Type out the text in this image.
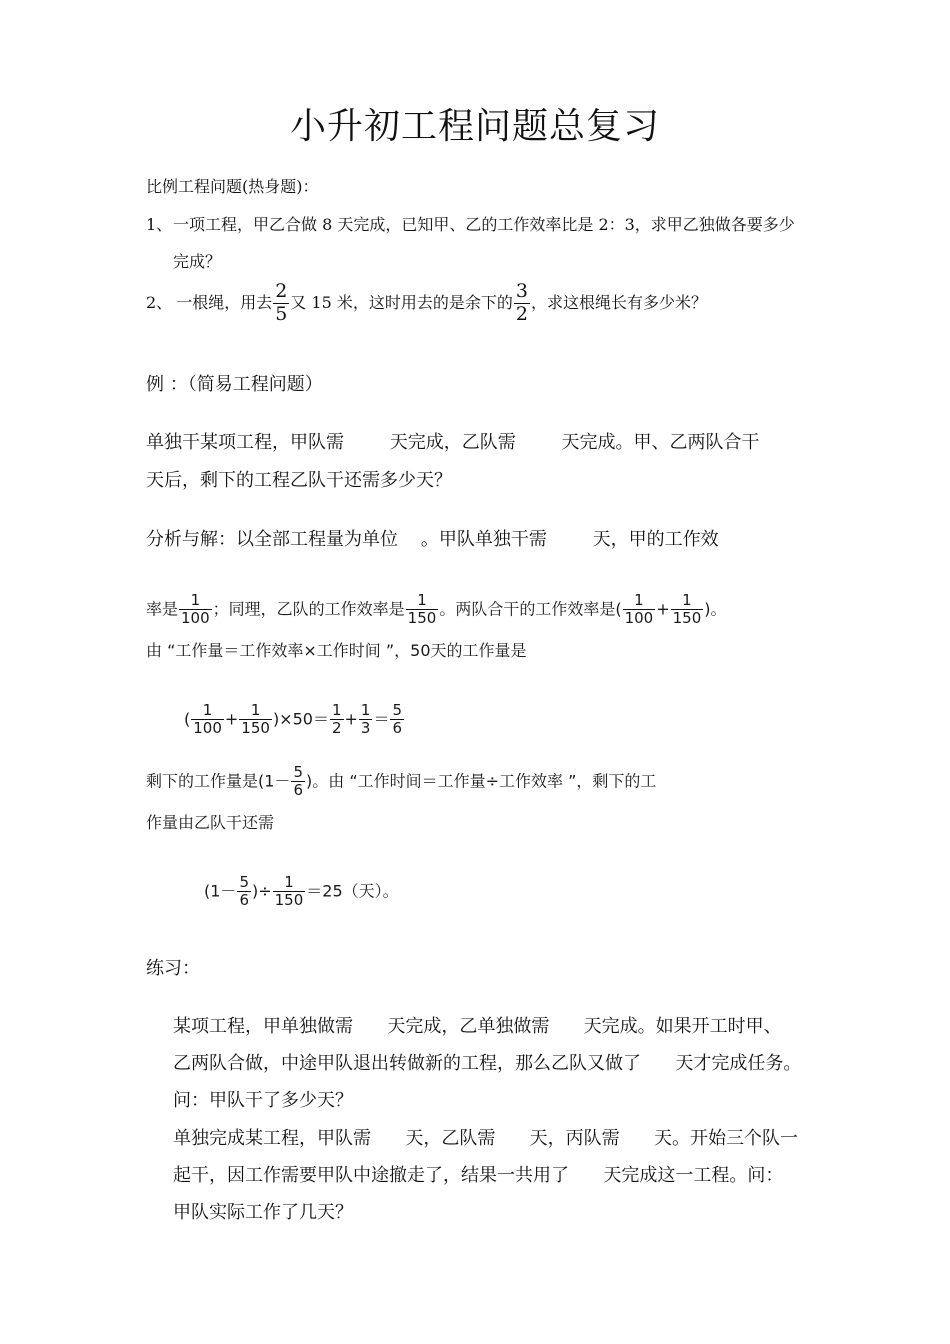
小升初工程问题总复习
比例工程问题(热身题)：
1、 一项工程，甲乙合做 8 天完成，已知甲、乙的工作效率比是 2：3，求甲乙独做各要多少
完成？
2、 一根绳，用去 $\frac{2}{5}$ 又 15 米，这时用去的是余下的 $\frac{3}{2}$ ，求这根绳长有多少米？
例 ：（简易工程问题）
单独干某项工程，甲队需        天完成，乙队需        天完成。甲、乙两队合干
天后，剩下的工程乙队干还需多少天？
分析与解：以全部工程量为单位    。甲队单独干需        天，甲的工作效
率是 $\frac{1}{100}$ ；同理，乙队的工作效率是 $\frac{1}{150}$ 。两队合干的工作效率是( $\frac{1}{100} + \frac{1}{150}$ )。
由 “工作量＝工作效率×工作时间 ”，50天的工作量是
( $\frac{1}{100} + \frac{1}{150} )\times 50= \frac{1}{2} + \frac{1}{3} = \frac{5}{6}$
剩下的工作量是($1- \frac{5}{6}$ )。由 “工作时间＝工作量÷工作效率 ”，剩下的工
作量由乙队干还需
($1- \frac{5}{6}$ )÷ $\frac{1}{150} =25$（天）。
练习：
某项工程，甲单独做需      天完成，乙单独做需      天完成。如果开工时甲、
乙两队合做，中途甲队退出转做新的工程，那么乙队又做了      天才完成任务。
问：甲队干了多少天？
单独完成某工程，甲队需      天，乙队需      天，丙队需      天。开始三个队一
起干，因工作需要甲队中途撤走了，结果一共用了      天完成这一工程。问：
甲队实际工作了几天？
